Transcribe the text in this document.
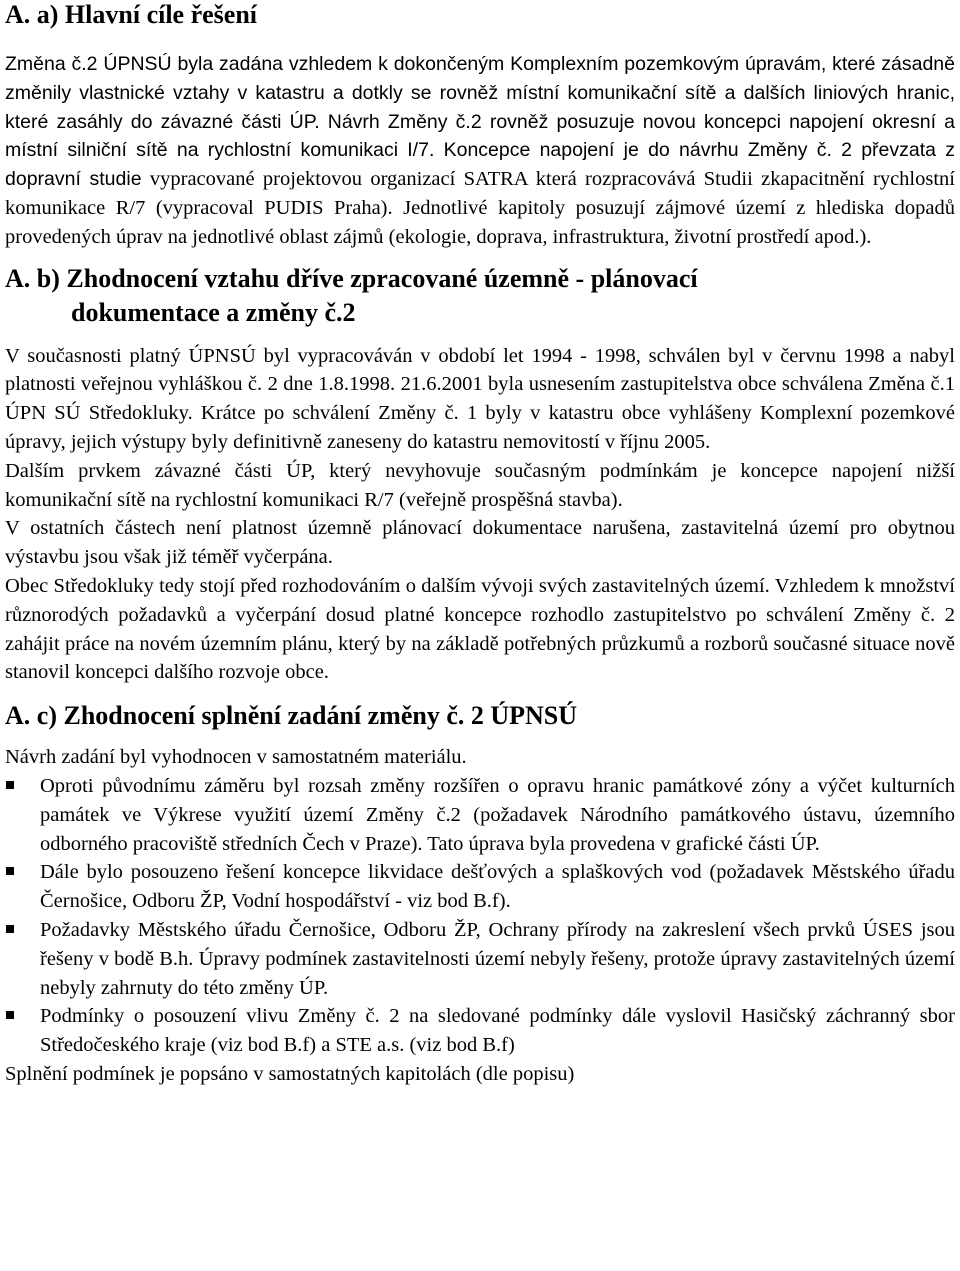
A. a) Hlavní cíle řešení

Změna č.2 ÚPNSÚ byla zadána vzhledem k dokončeným Komplexním pozemkovým úpravám, které zásadně změnily vlastnické vztahy v katastru a dotkly se rovněž místní komunikační sítě a dalších liniových hranic, které zasáhly do závazné části ÚP. Návrh Změny č.2 rovněž posuzuje novou koncepci napojení okresní a místní silniční sítě na rychlostní komunikaci I/7. Koncepce napojení je do návrhu Změny č. 2 převzata z dopravní studie vypracované projektovou organizací SATRA která rozpracovává Studii zkapacitnění rychlostní komunikace R/7 (vypracoval PUDIS Praha). Jednotlivé kapitoly posuzují zájmové území z hlediska dopadů provedených úprav na jednotlivé oblast zájmů (ekologie, doprava, infrastruktura, životní prostředí apod.).

A. b) Zhodnocení vztahu dříve zpracované územně - plánovací
dokumentace a změny č.2

V současnosti platný ÚPNSÚ byl vypracováván v období let 1994 - 1998, schválen byl v červnu 1998 a nabyl platnosti veřejnou vyhláškou č. 2 dne 1.8.1998. 21.6.2001 byla usnesením zastupitelstva obce schválena Změna č.1 ÚPN SÚ Středokluky. Krátce po schválení Změny č. 1 byly v katastru obce vyhlášeny Komplexní pozemkové úpravy, jejich výstupy byly definitivně zaneseny do katastru nemovitostí v říjnu 2005.

Dalším prvkem závazné části ÚP, který nevyhovuje současným podmínkám je koncepce napojení nižší komunikační sítě na rychlostní komunikaci R/7 (veřejně prospěšná stavba).

V ostatních částech není platnost územně plánovací dokumentace narušena, zastavitelná území pro obytnou výstavbu jsou však již téměř vyčerpána.

Obec Středokluky tedy stojí před rozhodováním o dalším vývoji svých zastavitelných území. Vzhledem k množství různorodých požadavků a vyčerpání dosud platné koncepce rozhodlo zastupitelstvo po schválení Změny č. 2 zahájit práce na novém územním plánu, který by na základě potřebných průzkumů a rozborů současné situace nově stanovil koncepci dalšího rozvoje obce.

A. c) Zhodnocení splnění zadání změny č. 2 ÚPNSÚ

Návrh zadání byl vyhodnocen v samostatném materiálu.

Oproti původnímu záměru byl rozsah změny rozšířen o opravu hranic památkové zóny a výčet kulturních památek ve Výkrese využití území Změny č.2 (požadavek Národního památkového ústavu, územního odborného pracoviště středních Čech v Praze). Tato úprava byla provedena v grafické části ÚP.
Dále bylo posouzeno řešení koncepce likvidace dešťových a splaškových vod (požadavek Městského úřadu Černošice, Odboru ŽP, Vodní hospodářství - viz bod B.f).
Požadavky Městského úřadu Černošice, Odboru ŽP, Ochrany přírody na zakreslení všech prvků ÚSES jsou řešeny v bodě B.h. Úpravy podmínek zastavitelnosti území nebyly řešeny, protože úpravy zastavitelných území nebyly zahrnuty do této změny ÚP.
Podmínky o posouzení vlivu Změny č. 2 na sledované podmínky dále vyslovil Hasičský záchranný sbor Středočeského kraje (viz bod B.f) a STE a.s. (viz bod B.f)

Splnění podmínek je popsáno v samostatných kapitolách (dle popisu)
